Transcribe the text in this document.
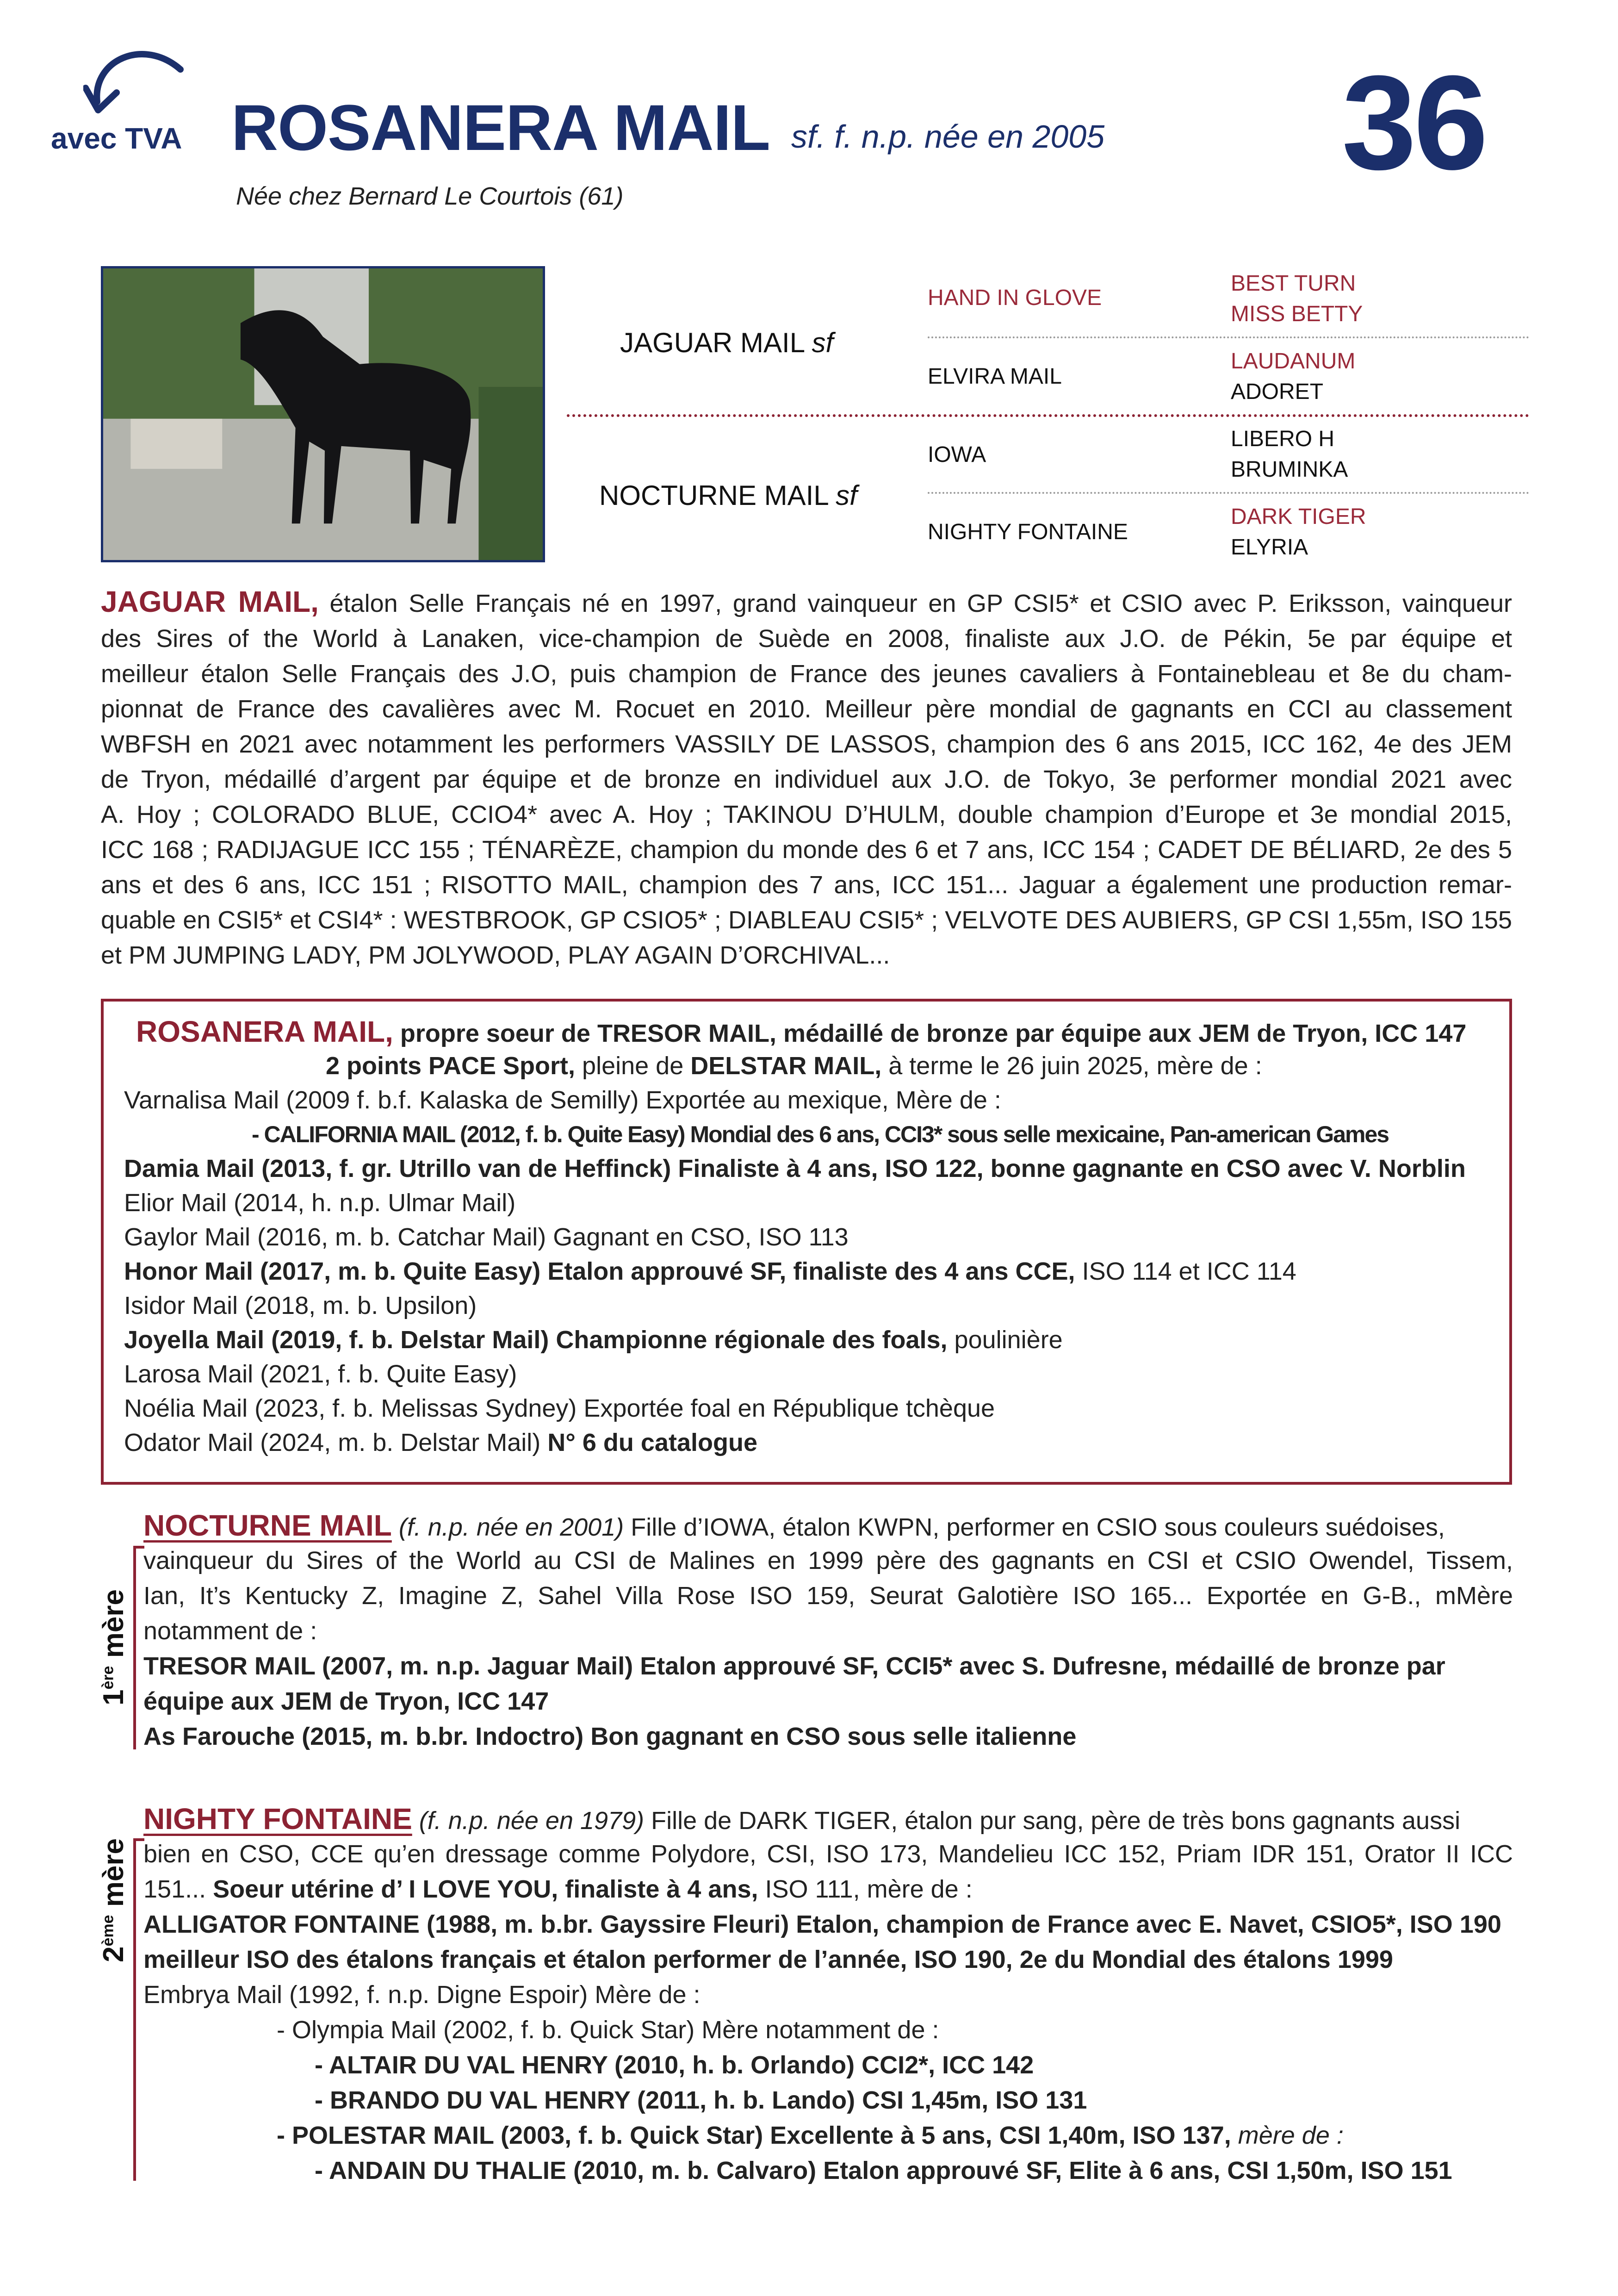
avec TVA ROSANERA MAIL sf. f. n.p. née en 2005
Née chez Bernard Le Courtois (61)	36
JAGUAR MAIL sf
NOCTURNE MAIL sf
HAND IN GLOVE
ELVIRA MAIL
IOWA
NIGHTY FONTAINE
BEST TURN
MISS BETTY
LAUDANUM
ADORET
LIBERO H
BRUMINKA
DARK TIGER
ELYRIA
JAGUAR MAIL, étalon Selle Français né en 1997, grand vainqueur en GP CSI5* et CSIO avec P. Eriksson, vainqueur
des Sires of the World à Lanaken, vice-champion de Suède en 2008, finaliste aux J.O. de Pékin, 5e par équipe et
meilleur étalon Selle Français des J.O, puis champion de France des jeunes cavaliers à Fontainebleau et 8e du cham-
pionnat de France des cavalières avec M. Rocuet en 2010. Meilleur père mondial de gagnants en CCI au classement
WBFSH en 2021 avec notamment les performers VASSILY DE LASSOS, champion des 6 ans 2015, ICC 162, 4e des JEM
de Tryon, médaillé d’argent par équipe et de bronze en individuel aux J.O. de Tokyo, 3e performer mondial 2021 avec
A. Hoy ; COLORADO BLUE, CCIO4* avec A. Hoy ; TAKINOU D’HULM, double champion d’Europe et 3e mondial 2015,
ICC 168 ; RADIJAGUE ICC 155 ; TÉNARÈZE, champion du monde des 6 et 7 ans, ICC 154 ; CADET DE BÉLIARD, 2e des 5
ans et des 6 ans, ICC 151 ; RISOTTO MAIL, champion des 7 ans, ICC 151... Jaguar a également une production remar-
quable en CSI5* et CSI4* : WESTBROOK, GP CSIO5* ; DIABLEAU CSI5* ; VELVOTE DES AUBIERS, GP CSI 1,55m, ISO 155
et PM JUMPING LADY, PM JOLYWOOD, PLAY AGAIN D’ORCHIVAL...
ROSANERA MAIL, propre soeur de TRESOR MAIL, médaillé de bronze par équipe aux JEM de Tryon, ICC 147
2 points PACE Sport, pleine de DELSTAR MAIL, à terme le 26 juin 2025, mère de :
Varnalisa Mail (2009 f. b.f. Kalaska de Semilly) Exportée au mexique, Mère de :
- CALIFORNIA MAIL (2012, f. b. Quite Easy) Mondial des 6 ans, CCI3* sous selle mexicaine, Pan-american Games
Damia Mail (2013, f. gr. Utrillo van de Heffinck) Finaliste à 4 ans, ISO 122, bonne gagnante en CSO avec V. Norblin
Elior Mail (2014, h. n.p. Ulmar Mail)
Gaylor Mail (2016, m. b. Catchar Mail) Gagnant en CSO, ISO 113
Honor Mail (2017, m. b. Quite Easy) Etalon approuvé SF, finaliste des 4 ans CCE, ISO 114 et ICC 114
Isidor Mail (2018, m. b. Upsilon)
Joyella Mail (2019, f. b. Delstar Mail) Championne régionale des foals, poulinière
Larosa Mail (2021, f. b. Quite Easy)
Noélia Mail (2023, f. b. Melissas Sydney) Exportée foal en République tchèque
Odator Mail (2024, m. b. Delstar Mail) N° 6 du catalogue
1ère mère
NOCTURNE MAIL (f. n.p. née en 2001) Fille d’IOWA, étalon KWPN, performer en CSIO sous couleurs suédoises,
vainqueur du Sires of the World au CSI de Malines en 1999 père des gagnants en CSI et CSIO Owendel, Tissem,
Ian, It’s Kentucky Z, Imagine Z, Sahel Villa Rose ISO 159, Seurat Galotière ISO 165... Exportée en G-B., mMère
notamment de :
TRESOR MAIL (2007, m. n.p. Jaguar Mail) Etalon approuvé SF, CCI5* avec S. Dufresne, médaillé de bronze par
équipe aux JEM de Tryon, ICC 147
As Farouche (2015, m. b.br. Indoctro) Bon gagnant en CSO sous selle italienne
2ème mère
NIGHTY FONTAINE (f. n.p. née en 1979) Fille de DARK TIGER, étalon pur sang, père de très bons gagnants aussi
bien en CSO, CCE qu’en dressage comme Polydore, CSI, ISO 173, Mandelieu ICC 152, Priam IDR 151, Orator II ICC
151... Soeur utérine d’ I LOVE YOU, finaliste à 4 ans, ISO 111, mère de :
ALLIGATOR FONTAINE (1988, m. b.br. Gayssire Fleuri) Etalon, champion de France avec E. Navet, CSIO5*, ISO 190
meilleur ISO des étalons français et étalon performer de l’année, ISO 190, 2e du Mondial des étalons 1999
Embrya Mail (1992, f. n.p. Digne Espoir) Mère de :
- Olympia Mail (2002, f. b. Quick Star) Mère notamment de :
- ALTAIR DU VAL HENRY (2010, h. b. Orlando) CCI2*, ICC 142
- BRANDO DU VAL HENRY (2011, h. b. Lando) CSI 1,45m, ISO 131
- POLESTAR MAIL (2003, f. b. Quick Star) Excellente à 5 ans, CSI 1,40m, ISO 137, mère de :
- ANDAIN DU THALIE (2010, m. b. Calvaro) Etalon approuvé SF, Elite à 6 ans, CSI 1,50m, ISO 151
